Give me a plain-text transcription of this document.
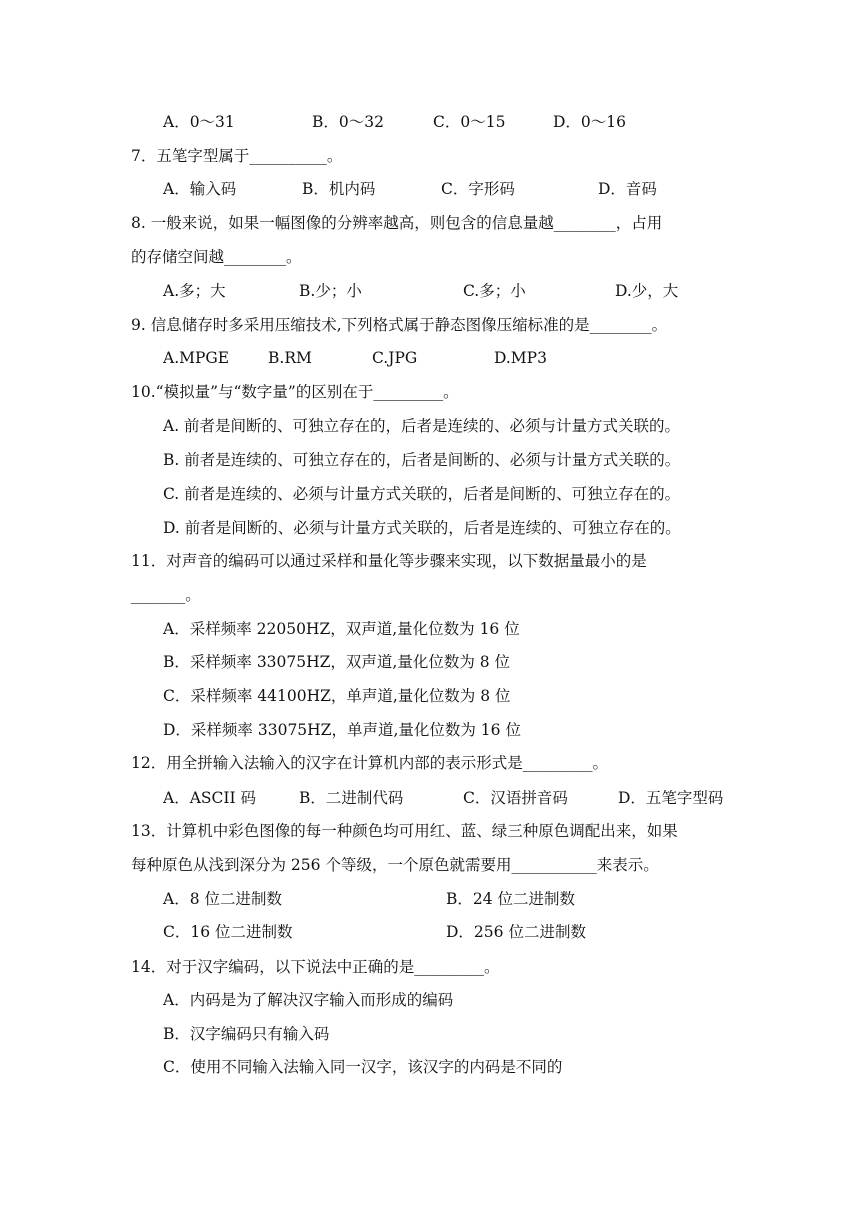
A．0～31	B．0～32	C．0～15	D．0～16
7．五笔字型属于__________。
A．输入码	B．机内码	C．字形码	D．音码
8. 一般来说，如果一幅图像的分辨率越高，则包含的信息量越________，占用
的存储空间越________。
A.多；大	B.少；小	C.多；小	D.少，大
9. 信息储存时多采用压缩技术,下列格式属于静态图像压缩标准的是________。
A.MPGE	B.RM	C.JPG	D.MP3
10.“模拟量”与“数字量”的区别在于_________。
A. 前者是间断的、可独立存在的，后者是连续的、必须与计量方式关联的。
B. 前者是连续的、可独立存在的，后者是间断的、必须与计量方式关联的。
C. 前者是连续的、必须与计量方式关联的，后者是间断的、可独立存在的。
D. 前者是间断的、必须与计量方式关联的，后者是连续的、可独立存在的。
11．对声音的编码可以通过采样和量化等步骤来实现，以下数据量最小的是
_______。
A．采样频率 22050HZ，双声道,量化位数为 16 位
B．采样频率 33075HZ，双声道,量化位数为 8 位
C．采样频率 44100HZ，单声道,量化位数为 8 位
D．采样频率 33075HZ，单声道,量化位数为 16 位
12．用全拼输入法输入的汉字在计算机内部的表示形式是_________。
A．ASCII 码	B．二进制代码	C．汉语拼音码	D．五笔字型码
13．计算机中彩色图像的每一种颜色均可用红、蓝、绿三种原色调配出来，如果
每种原色从浅到深分为 256 个等级，一个原色就需要用___________来表示。
A．8 位二进制数	B．24 位二进制数
C．16 位二进制数	D．256 位二进制数
14．对于汉字编码，以下说法中正确的是_________。
A．内码是为了解决汉字输入而形成的编码
B．汉字编码只有输入码
C．使用不同输入法输入同一汉字，该汉字的内码是不同的
